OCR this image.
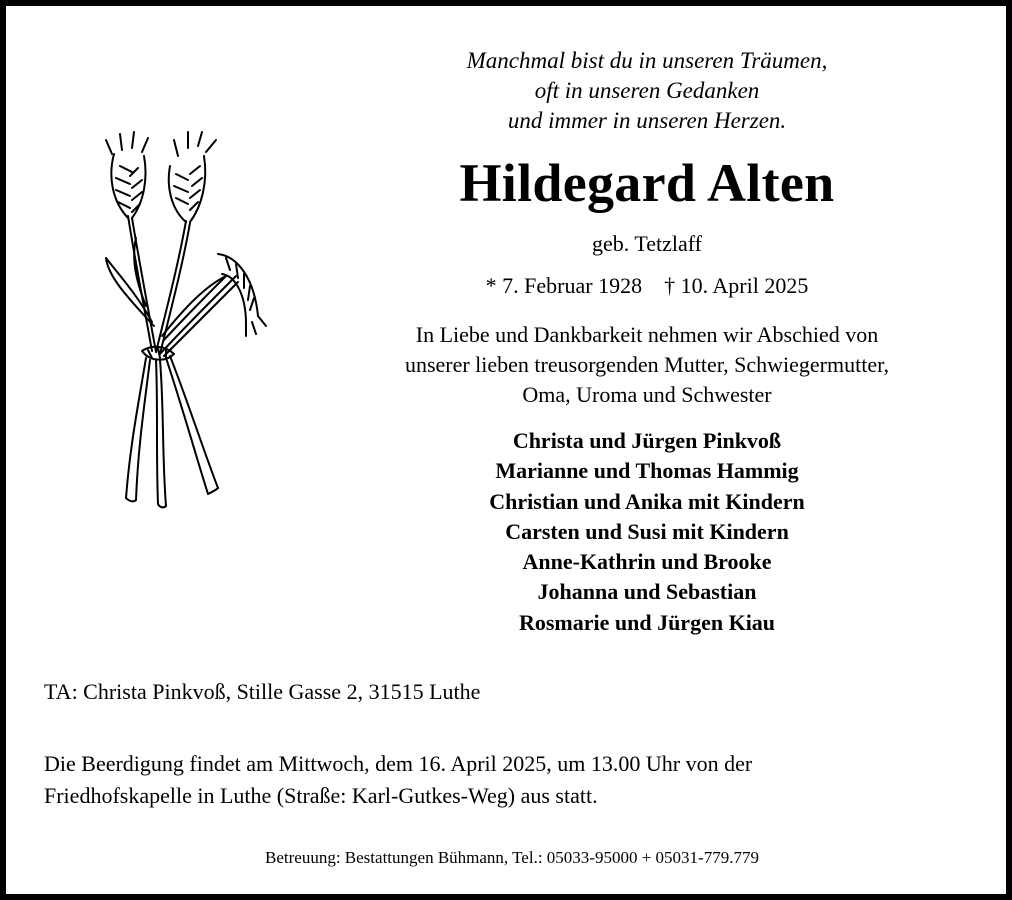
Manchmal bist du in unseren Träumen,
oft in unseren Gedanken
und immer in unseren Herzen.
Hildegard Alten
geb. Tetzlaff
* 7. Februar 1928 † 10. April 2025
In Liebe und Dankbarkeit nehmen wir Abschied von
unserer lieben treusorgenden Mutter, Schwiegermutter,
Oma, Uroma und Schwester
Christa und Jürgen Pinkvoß
Marianne und Thomas Hammig
Christian und Anika mit Kindern
Carsten und Susi mit Kindern
Anne-Kathrin und Brooke
Johanna und Sebastian
Rosmarie und Jürgen Kiau
TA: Christa Pinkvoß, Stille Gasse 2, 31515 Luthe
Die Beerdigung findet am Mittwoch, dem 16. April 2025, um 13.00 Uhr von der
Friedhofskapelle in Luthe (Straße: Karl-Gutkes-Weg) aus statt.
Betreuung: Bestattungen Bühmann, Tel.: 05033-95000 + 05031-779.779
